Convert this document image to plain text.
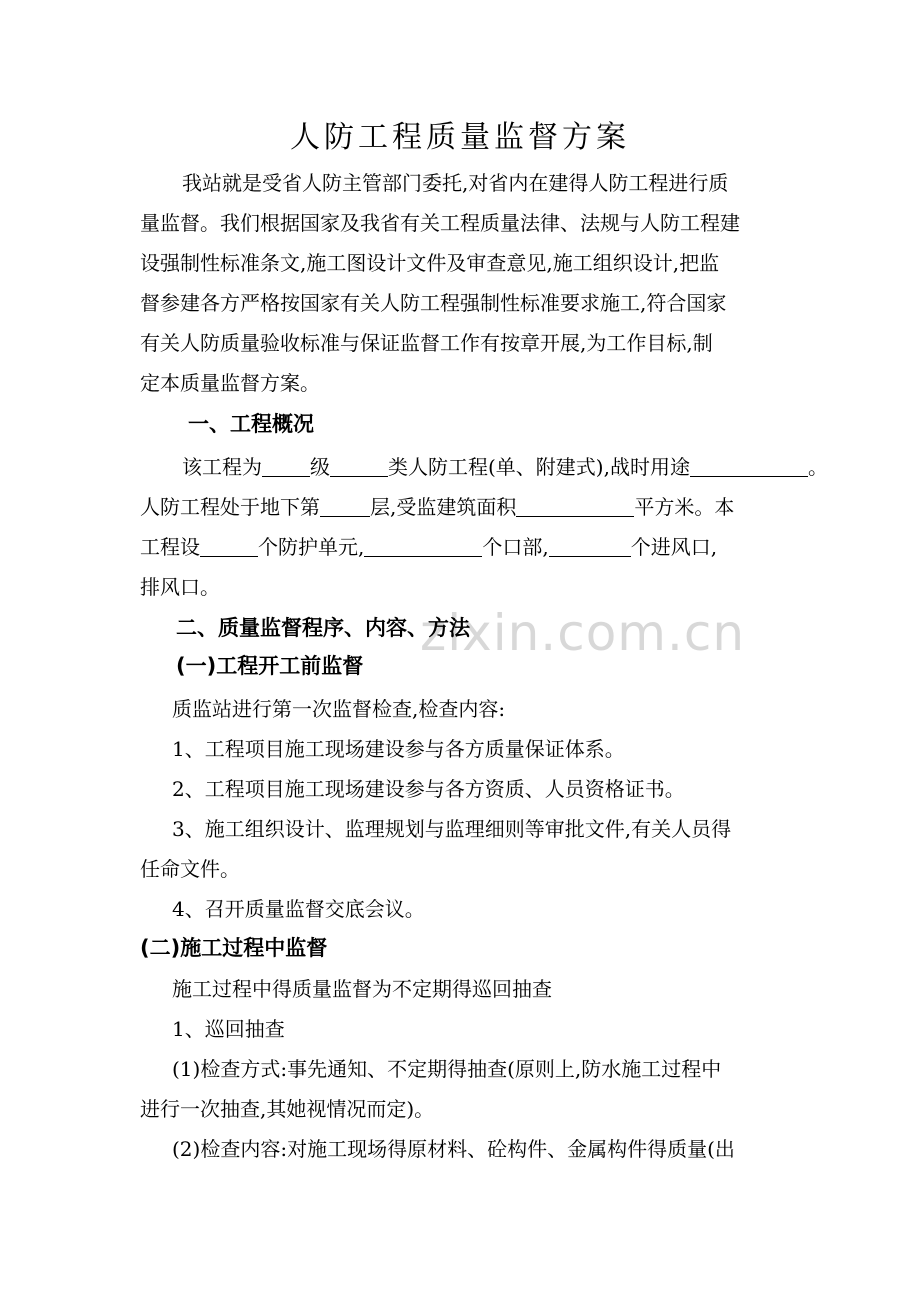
zixin.com.cn
人防工程质量监督方案
我站就是受省人防主管部门委托,对省内在建得人防工程进行质
量监督。我们根据国家及我省有关工程质量法律、法规与人防工程建
设强制性标准条文,施工图设计文件及审查意见,施工组织设计,把监
督参建各方严格按国家有关人防工程强制性标准要求施工,符合国家
有关人防质量验收标准与保证监督工作有按章开展,为工作目标,制
定本质量监督方案。
一、工程概况
该工程为 级	类人防工程(单、附建式),战时用途	。
人防工程处于地下第	层,受监建筑面积	平方米。本
工程设	个防护单元,	个口部,	个进风口,
排风口。
二、质量监督程序、内容、方法
(一)工程开工前监督
质监站进行第一次监督检查,检查内容:
1、工程项目施工现场建设参与各方质量保证体系。
2、工程项目施工现场建设参与各方资质、人员资格证书。
3、施工组织设计、监理规划与监理细则等审批文件,有关人员得
任命文件。
4、召开质量监督交底会议。
(二)施工过程中监督
施工过程中得质量监督为不定期得巡回抽查
1、巡回抽查
(1)检查方式:事先通知、不定期得抽查(原则上,防水施工过程中
进行一次抽查,其她视情况而定)。
(2)检查内容:对施工现场得原材料、砼构件、金属构件得质量(出
